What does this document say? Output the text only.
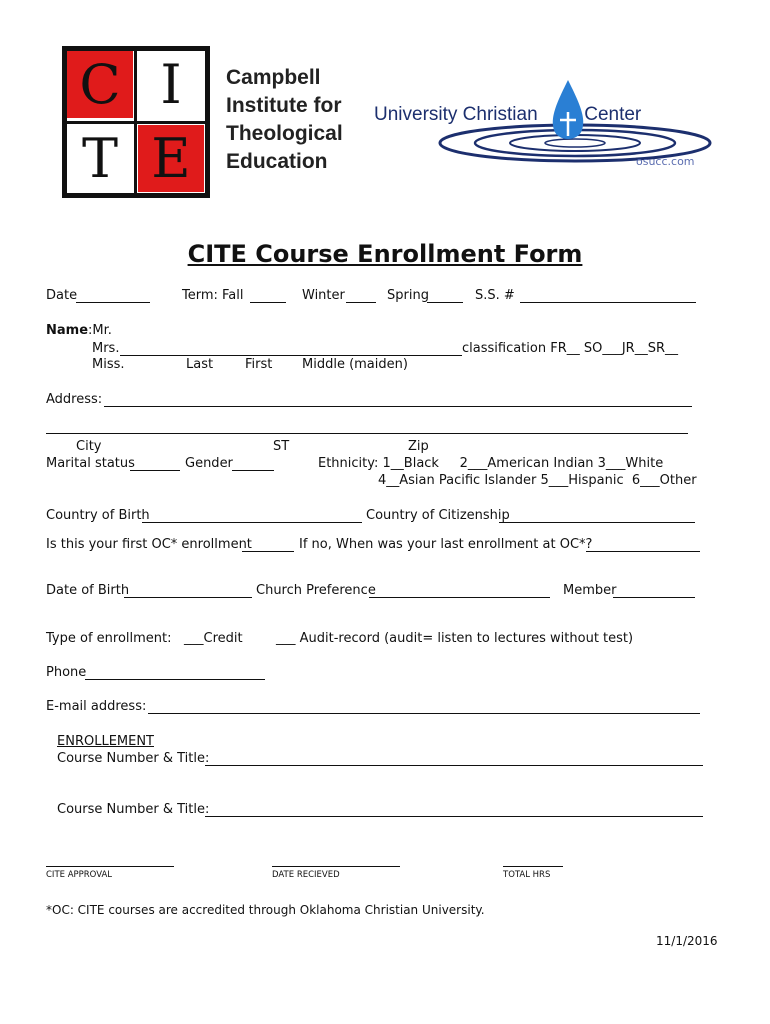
C I
T E
Campbell
Institute for
Theological
Education
University Christian Center
osucc.com
CITE Course Enrollment Form
Date	Term: Fall	Winter	Spring	S.S. #
Name:Mr.
Mrs.	classification FR__ SO___JR__SR__
Miss.	Last First Middle (maiden)
Address:
City	ST	Zip
Marital status	Gender	Ethnicity: 1__Black     2___American Indian 3___White
4__Asian Pacific Islander 5___Hispanic  6___Other
Country of Birth	Country of Citizenship
Is this your first OC* enrollment	If no, When was your last enrollment at OC*?
Date of Birth	Church Preference	Member
Type of enrollment: ___Credit	___ Audit-record (audit= listen to lectures without test)
Phone
E-mail address:
ENROLLEMENT
Course Number & Title:
Course Number & Title:
CITE APPROVAL	DATE RECIEVED	TOTAL HRS
*OC: CITE courses are accredited through Oklahoma Christian University.
11/1/2016
